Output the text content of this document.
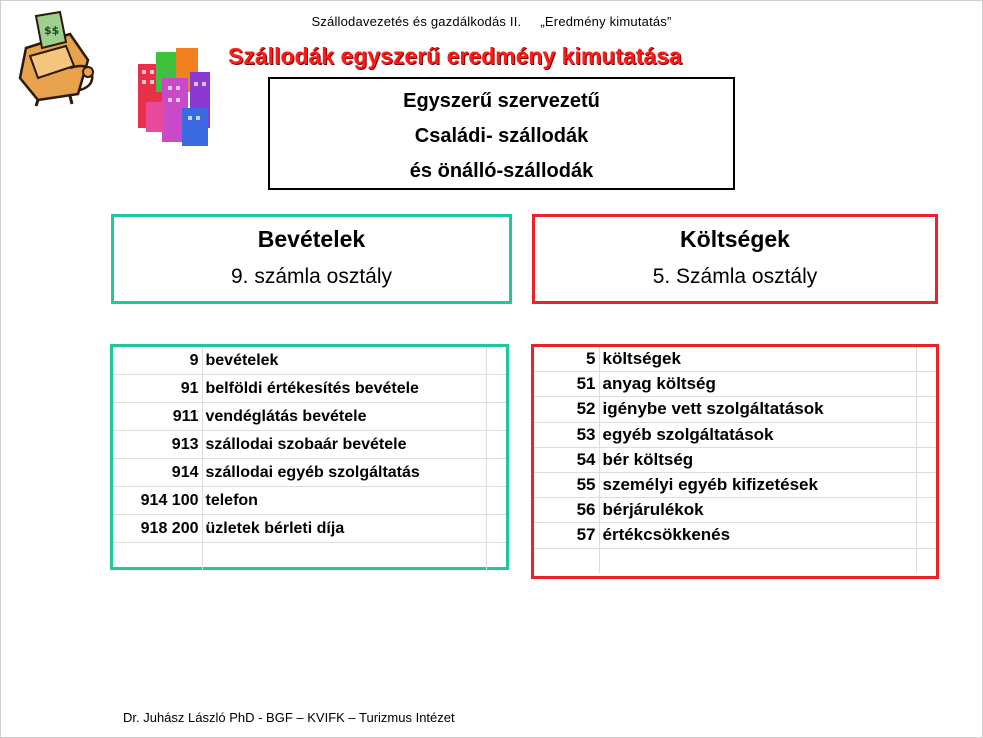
Szállodavezetés és gazdálkodás II. „Eredmény kimutatás”
$$
Szállodák egyszerű eredmény kimutatása
Egyszerű szervezetű
Családi- szállodák
és önálló-szállodák
Bevételek
9. számla osztály
Költségek
5. Számla osztály
9	bevételek	
91	belföldi értékesítés bevétele	
911	vendéglátás bevétele	
913	szállodai szobaár bevétele	
914	szállodai egyéb szolgáltatás	
914 100	telefon	
918 200	üzletek bérleti díja	

5	költségek	
51	anyag költség	
52	igénybe vett szolgáltatások	
53	egyéb szolgáltatások	
54	bér költség	
55	személyi egyéb kifizetések	
56	bérjárulékok	
57	értékcsökkenés	

Dr. Juhász László PhD - BGF – KVIFK – Turizmus Intézet
